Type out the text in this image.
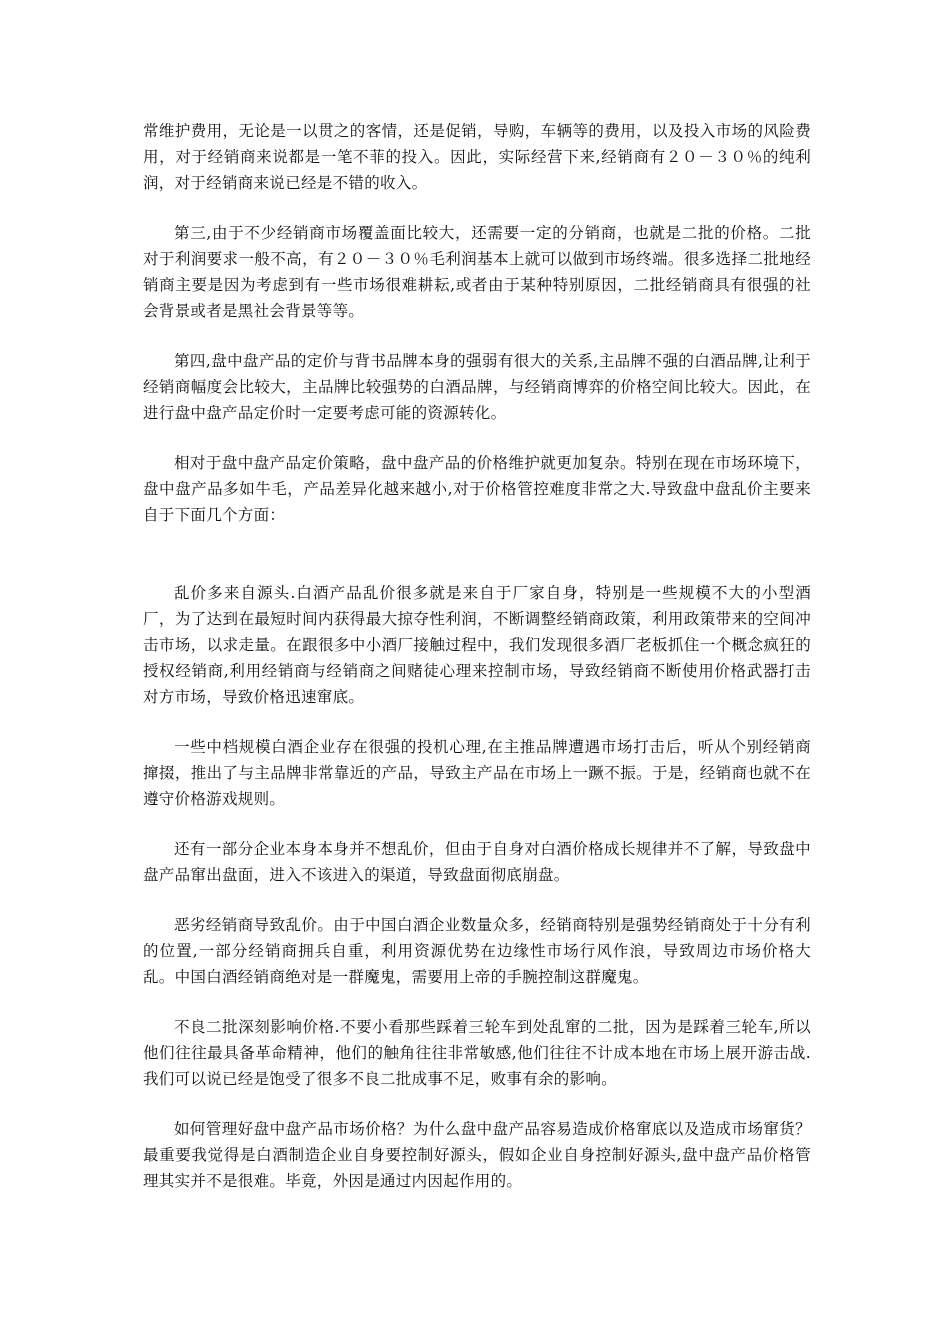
常维护费用，无论是一以贯之的客情，还是促销，导购，车辆等的费用，以及投入市场的风险费用，对于经销商来说都是一笔不菲的投入。因此，实际经营下来,经销商有２０－３０％的纯利润，对于经销商来说已经是不错的收入。

第三,由于不少经销商市场覆盖面比较大，还需要一定的分销商，也就是二批的价格。二批对于利润要求一般不高，有２０－３０％毛利润基本上就可以做到市场终端。很多选择二批地经销商主要是因为考虑到有一些市场很难耕耘,或者由于某种特别原因，二批经销商具有很强的社会背景或者是黑社会背景等等。

第四,盘中盘产品的定价与背书品牌本身的强弱有很大的关系,主品牌不强的白酒品牌,让利于经销商幅度会比较大，主品牌比较强势的白酒品牌，与经销商博弈的价格空间比较大。因此，在进行盘中盘产品定价时一定要考虑可能的资源转化。

相对于盘中盘产品定价策略，盘中盘产品的价格维护就更加复杂。特别在现在市场环境下，盘中盘产品多如牛毛，产品差异化越来越小,对于价格管控难度非常之大.导致盘中盘乱价主要来自于下面几个方面：

乱价多来自源头.白酒产品乱价很多就是来自于厂家自身，特别是一些规模不大的小型酒厂，为了达到在最短时间内获得最大掠夺性利润，不断调整经销商政策，利用政策带来的空间冲击市场，以求走量。在跟很多中小酒厂接触过程中，我们发现很多酒厂老板抓住一个概念疯狂的授权经销商,利用经销商与经销商之间赌徒心理来控制市场，导致经销商不断使用价格武器打击对方市场，导致价格迅速窜底。

一些中档规模白酒企业存在很强的投机心理,在主推品牌遭遇市场打击后，听从个别经销商撺掇，推出了与主品牌非常靠近的产品，导致主产品在市场上一蹶不振。于是，经销商也就不在遵守价格游戏规则。

还有一部分企业本身本身并不想乱价，但由于自身对白酒价格成长规律并不了解，导致盘中盘产品窜出盘面，进入不该进入的渠道，导致盘面彻底崩盘。

恶劣经销商导致乱价。由于中国白酒企业数量众多，经销商特别是强势经销商处于十分有利的位置,一部分经销商拥兵自重，利用资源优势在边缘性市场行风作浪，导致周边市场价格大乱。中国白酒经销商绝对是一群魔鬼，需要用上帝的手腕控制这群魔鬼。

不良二批深刻影响价格.不要小看那些踩着三轮车到处乱窜的二批，因为是踩着三轮车,所以他们往往最具备革命精神，他们的触角往往非常敏感,他们往往不计成本地在市场上展开游击战.我们可以说已经是饱受了很多不良二批成事不足，败事有余的影响。

如何管理好盘中盘产品市场价格？为什么盘中盘产品容易造成价格窜底以及造成市场窜货？最重要我觉得是白酒制造企业自身要控制好源头，假如企业自身控制好源头,盘中盘产品价格管理其实并不是很难。毕竟，外因是通过内因起作用的。
